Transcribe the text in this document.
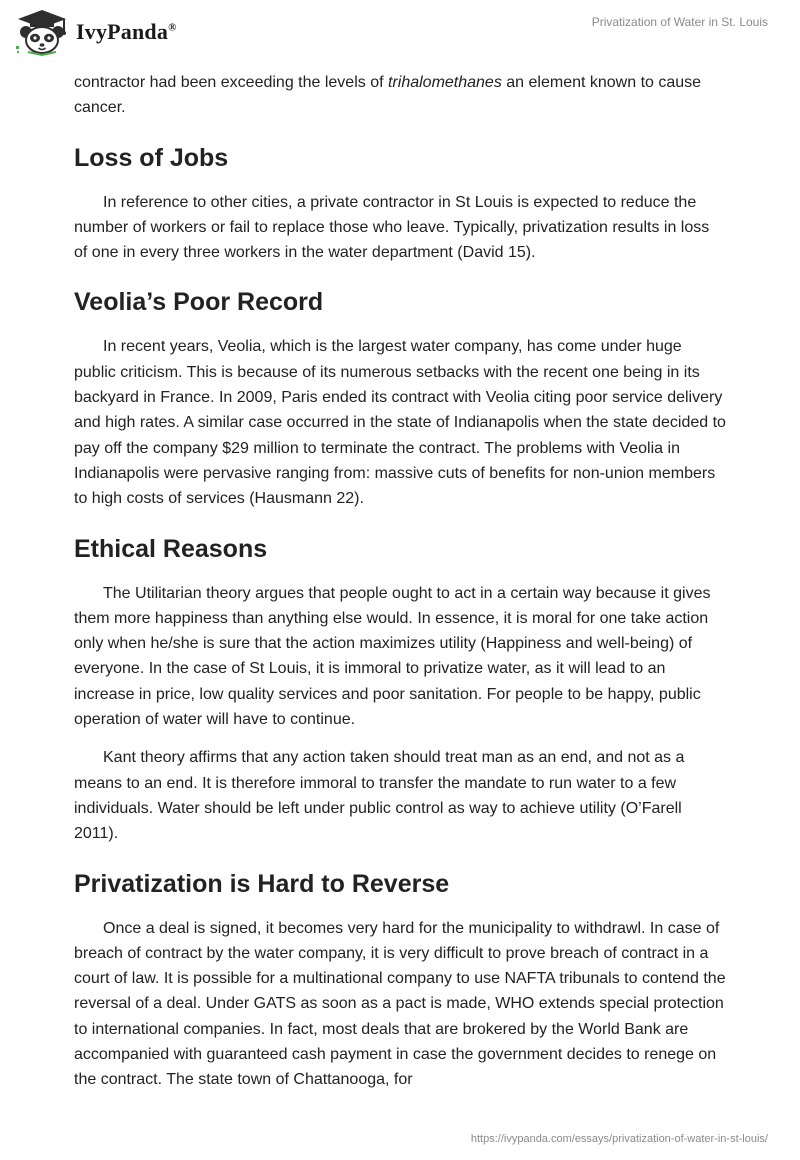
IvyPanda®	Privatization of Water in St. Louis

contractor had been exceeding the levels of trihalomethanes an element known to cause cancer.

Loss of Jobs

In reference to other cities, a private contractor in St Louis is expected to reduce the number of workers or fail to replace those who leave. Typically, privatization results in loss of one in every three workers in the water department (David 15).

Veolia’s Poor Record

In recent years, Veolia, which is the largest water company, has come under huge public criticism. This is because of its numerous setbacks with the recent one being in its backyard in France. In 2009, Paris ended its contract with Veolia citing poor service delivery and high rates. A similar case occurred in the state of Indianapolis when the state decided to pay off the company $29 million to terminate the contract. The problems with Veolia in Indianapolis were pervasive ranging from: massive cuts of benefits for non-union members to high costs of services (Hausmann 22).

Ethical Reasons

The Utilitarian theory argues that people ought to act in a certain way because it gives them more happiness than anything else would. In essence, it is moral for one take action only when he/she is sure that the action maximizes utility (Happiness and well-being) of everyone. In the case of St Louis, it is immoral to privatize water, as it will lead to an increase in price, low quality services and poor sanitation. For people to be happy, public operation of water will have to continue.

Kant theory affirms that any action taken should treat man as an end, and not as a means to an end. It is therefore immoral to transfer the mandate to run water to a few individuals. Water should be left under public control as way to achieve utility (O’Farell 2011).

Privatization is Hard to Reverse

Once a deal is signed, it becomes very hard for the municipality to withdrawl. In case of breach of contract by the water company, it is very difficult to prove breach of contract in a court of law. It is possible for a multinational company to use NAFTA tribunals to contend the reversal of a deal. Under GATS as soon as a pact is made, WHO extends special protection to international companies. In fact, most deals that are brokered by the World Bank are accompanied with guaranteed cash payment in case the government decides to renege on the contract. The state town of Chattanooga, for

https://ivypanda.com/essays/privatization-of-water-in-st-louis/
